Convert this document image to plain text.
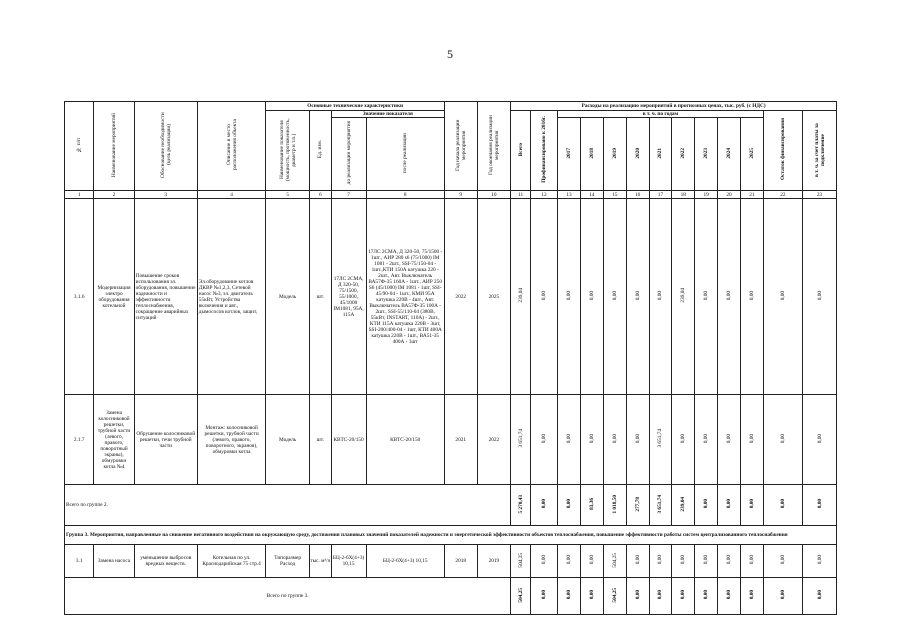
5
№ п/п	Наименование мероприятий	Обоснование необходимости (цель реализации)	Описание и место расположения объекта	Основные технические характеристики				Год начала реализации мероприятия	Год окончания реализации мероприятия	Расходы на реализацию мероприятий в прогнозных ценах, тыс. руб. (с НДС)												
				Наименование показателя (мощность, протяженность, диаметр и т.п.)	Ед. изм.	Значение показателя				Всего	Профинансировано к 2016г.	в т. ч. по годам									Остаток финансирования	в т. ч. за счет платы за подключение
						до реализации мероприятия	после реализации					2017	2018	2019	2020	2021	2022	2023	2024	2025		
1	2	3	4	5	6	7	8	9	10	11	12	13	14	15	16	17	18	19	20	21	22	23
3.1.6	Модернизация электро оборудования котельной	Повышение сроков использования эл. оборудования, повышение надежности и эффективности теплоснабжения, сокращение аварийных ситуаций	Эл.оборудование котлов ДКВР №1,2,3, Сетевой насос №3, эл. двигатель 55кВт, Устройства включения и авт., дымососов котлов, защит,	Модель	шт.	17ЛС 2СМА, Д 320-50, 75/1500, 55/1000, 45/1000 IM1081, 95А, 115А	17ЛС 2СМА, Д 320-50, 75/1500 - 1шт., АИР 280 s6 (75/1000) IM 1081 - 2шт., SSI-75/150-04 - 1шт.,КТИ 150А катушка 220 - 2шт., Авт. Выключатель ВА57Ф-35 160А - 1шт., АИР 250 S6 (45/1000) IM 1081 - 1шт, SSI-45/90-04 - 1шт., КМИ 95А катушка 220В - 4шт., Авт. Выключатель ВА57Ф-35 100А - 2шт., SSI-55/110-04 (380В, 55кВт, INSTART, 110А) - 2шт., КТИ 115А катушка 220В - 3шт, SSI-200/400-04 - 1шт, КТИ 400А катушка 220В - 1шт., ВА51-35 400А - 1шт	2022	2025	239,04	0,00	0,00	0,00	0,00	0,00	0,00	239,04	0,00	0,00	0,00	0,00	0,00
2.1.7	Замена колосниковой решетки, трубной части (левого, правого, поворотный экраны), обмуровки котла №4	Обрушение колосниковой решетки, течи трубной части	Монтаж: колосниковой решетки, трубной части (левого, правого, поворотного, экранов), обмуровки котла	Модель	шт.	КВТС-20/150	КВТС-20/150	2021	2022	3 651,74	0,00	0,00	0,00	0,00	0,00	3 651,74	0,00	0,00	0,00	0,00	0,00	0,00
Всего по группе 2.										5 270,43	0,00	0,00	83,36	1 018,50	277,78	3 651,74	239,04	0,00	0,00	0,00	0,00	0,00
Группа 3. Мероприятия, направленные на снижение негативного воздействия на окружающую среду, достижения плановых значений показателей надежности и энергетической эффективности объектов теплоснабжения, повышение эффективности работы систем централизованного теплоснабжения																						
3.1	Замена насоса	уменьшение выбросов вредных веществ.	Котельная по ул. Краснодарийская 75 стр.4	Типоразмер Расход	тыс. м³/ч	БЦ-2-6Х(4+3) 10,15	БЦ-2-6Х(4+3) 10,15	2018	2019	504,25	0,00	0,00	0,00	504,25	0,00	0,00	0,00	0,00	0,00	0,00	0,00	0,00
Всего по группе 3.										504,25	0,00	0,00	0,00	504,25	0,00	0,00	0,00	0,00	0,00	0,00	0,00	0,00
